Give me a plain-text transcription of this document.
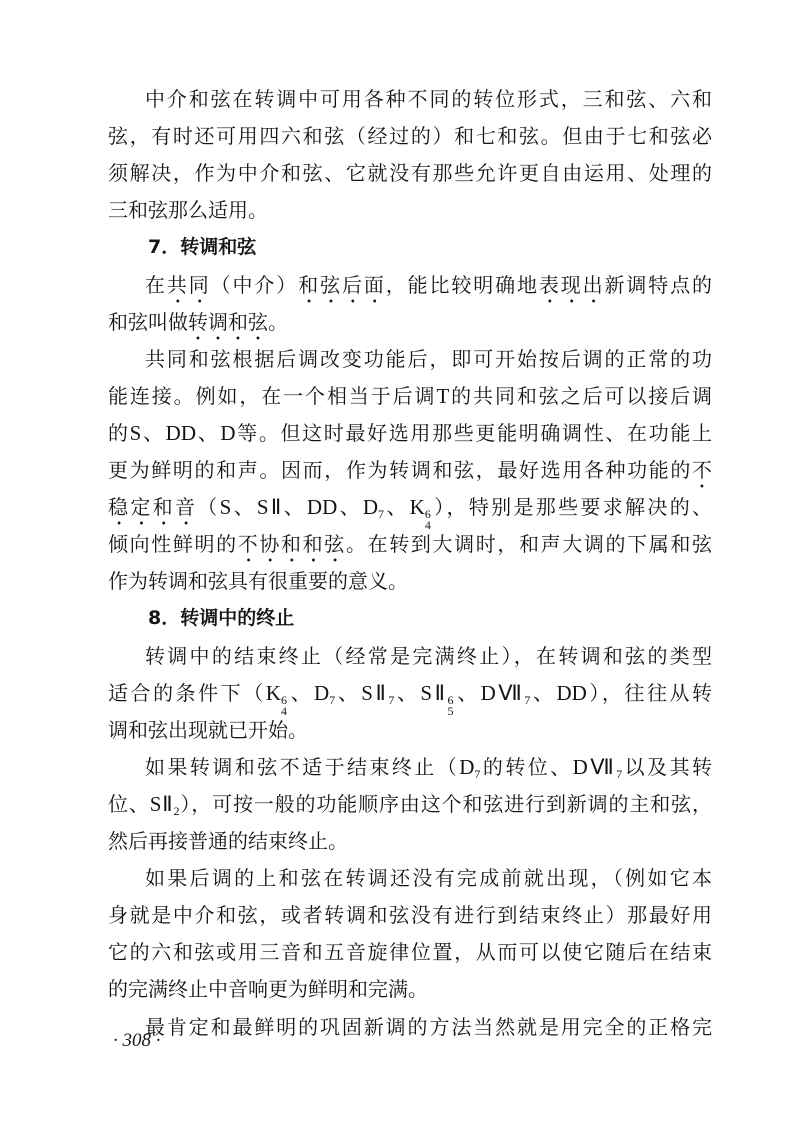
中介和弦在转调中可用各种不同的转位形式，三和弦、六和
弦，有时还可用四六和弦（经过的）和七和弦。但由于七和弦必
须解决，作为中介和弦、它就没有那些允许更自由运用、处理的
三和弦那么适用。
7．转调和弦
在共同（中介）和弦后面，能比较明确地表现出新调特点的
和弦叫做转调和弦。
共同和弦根据后调改变功能后，即可开始按后调的正常的功
能连接。例如，在一个相当于后调T的共同和弦之后可以接后调
的S、DD、D等。但这时最好选用那些更能明确调性、在功能上
更为鲜明的和声。因而，作为转调和弦，最好选用各种功能的不
稳定和音（S、SⅡ、DD、$D_7$、K 6
4
），特别是那些要求解决的、
倾向性鲜明的不协和和弦。在转到大调时，和声大调的下属和弦
作为转调和弦具有很重要的意义。
8．转调中的终止
转调中的结束终止（经常是完满终止），在转调和弦的类型
适合的条件下（K 6
4
、$D_7$、$SⅡ_7$、SⅡ 6
5
、$DⅦ_7$、DD），往往从转
调和弦出现就已开始。
如果转调和弦不适于结束终止（$D_7$的转位、$DⅦ_7$以及其转
位、$SⅡ_2$），可按一般的功能顺序由这个和弦进行到新调的主和弦，
然后再接普通的结束终止。
如果后调的上和弦在转调还没有完成前就出现，（例如它本
身就是中介和弦，或者转调和弦没有进行到结束终止）那最好用
它的六和弦或用三音和五音旋律位置，从而可以使它随后在结束
的完满终止中音响更为鲜明和完满。
最肯定和最鲜明的巩固新调的方法当然就是用完全的正格完
· 308 ·
